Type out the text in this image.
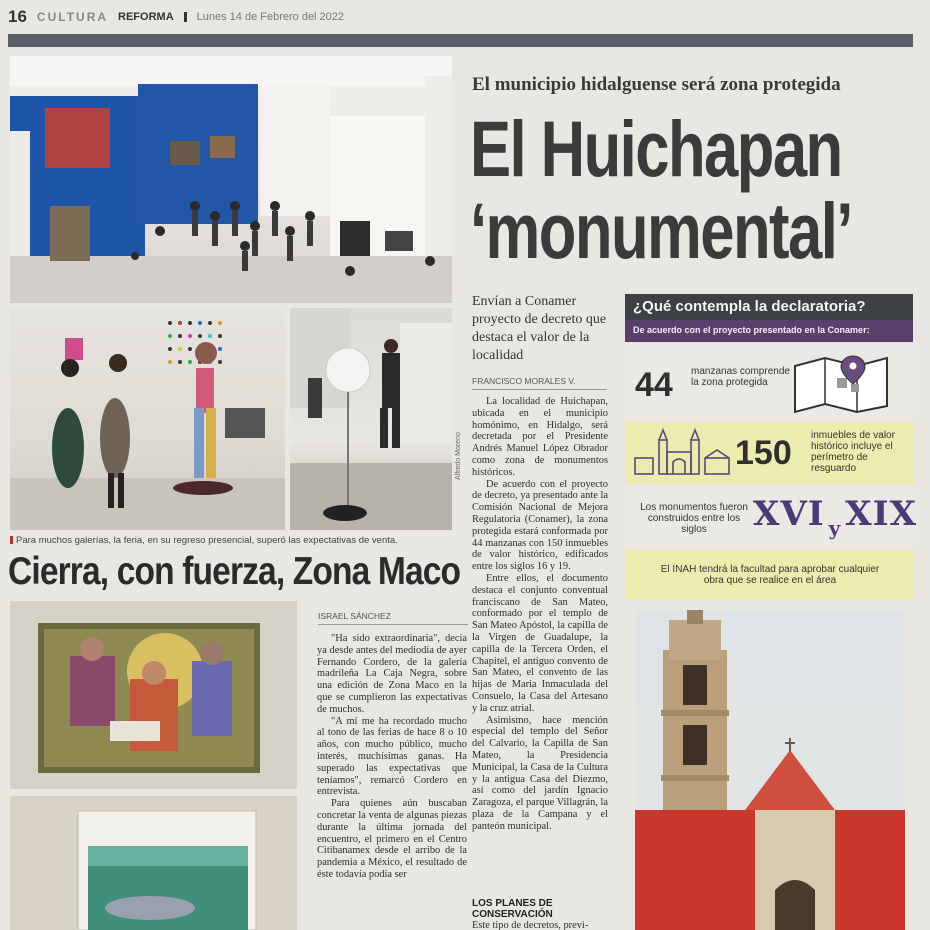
16 CULTURA REFORMA Lunes 14 de Febrero del 2022
Alfredo Moreno
Para muchos galerías, la feria, en su regreso presencial, superó las expectativas de venta.
Cierra, con fuerza, Zona Maco
El municipio hidalguense será zona protegida
El Huichapan
‘monumental’
Envían a Conamer proyecto de decreto que destaca el valor de la localidad
FRANCISCO MORALES V.

La localidad de Huichapan, ubicada en el municipio homónimo, en Hidalgo, será decretada por el Presidente Andrés Manuel López Obrador como zona de monumentos históricos.

De acuerdo con el proyecto de decreto, ya presentado ante la Comisión Nacional de Mejora Regulatoria (Conamer), la zona protegida estará conformada por 44 manzanas con 150 inmuebles de valor histórico, edificados entre los siglos 16 y 19.

Entre ellos, el documento destaca el conjunto conventual franciscano de San Mateo, conformado por el templo de San Mateo Apóstol, la capilla de la Virgen de Guadalupe, la capilla de la Tercera Orden, el Chapitel, el antiguo convento de San Mateo, el convento de las hijas de María Inmaculada del Consuelo, la Casa del Artesano y la cruz atrial.

Asimismo, hace mención especial del templo del Señor del Calvario, la Capilla de San Mateo, la Presidencia Municipal, la Casa de la Cultura y la antigua Casa del Diezmo, así como del jardín Ignacio Zaragoza, el parque Villagrán, la plaza de la Campana y el panteón municipal.

LOS PLANES DE CONSERVACIÓN
Este tipo de decretos, previ-
ISRAEL SÁNCHEZ

"Ha sido extraordinaria", decía ya desde antes del mediodía de ayer Fernando Cordero, de la galería madrileña La Caja Negra, sobre una edición de Zona Maco en la que se cumplieron las expectativas de muchos.

"A mí me ha recordado mucho al tono de las ferias de hace 8 o 10 años, con mucho público, mucho interés, muchísimas ganas. Ha superado las expectativas que teníamos", remarcó Cordero en entrevista.

Para quienes aún buscaban concretar la venta de algunas piezas durante la última jornada del encuentro, el primero en el Centro Citibanamex desde el arribo de la pandemia a México, el resultado de éste todavía podía ser

¿Qué contempla la declaratoria?
De acuerdo con el proyecto presentado en la Conamer:
44 manzanas comprende la zona protegida
150 inmuebles de valor histórico incluye el perímetro de resguardo
Los monumentos fueron construidos entre los siglos	XVI $_y$ XIX
El INAH tendrá la facultad para aprobar cualquier obra que se realice en el área
